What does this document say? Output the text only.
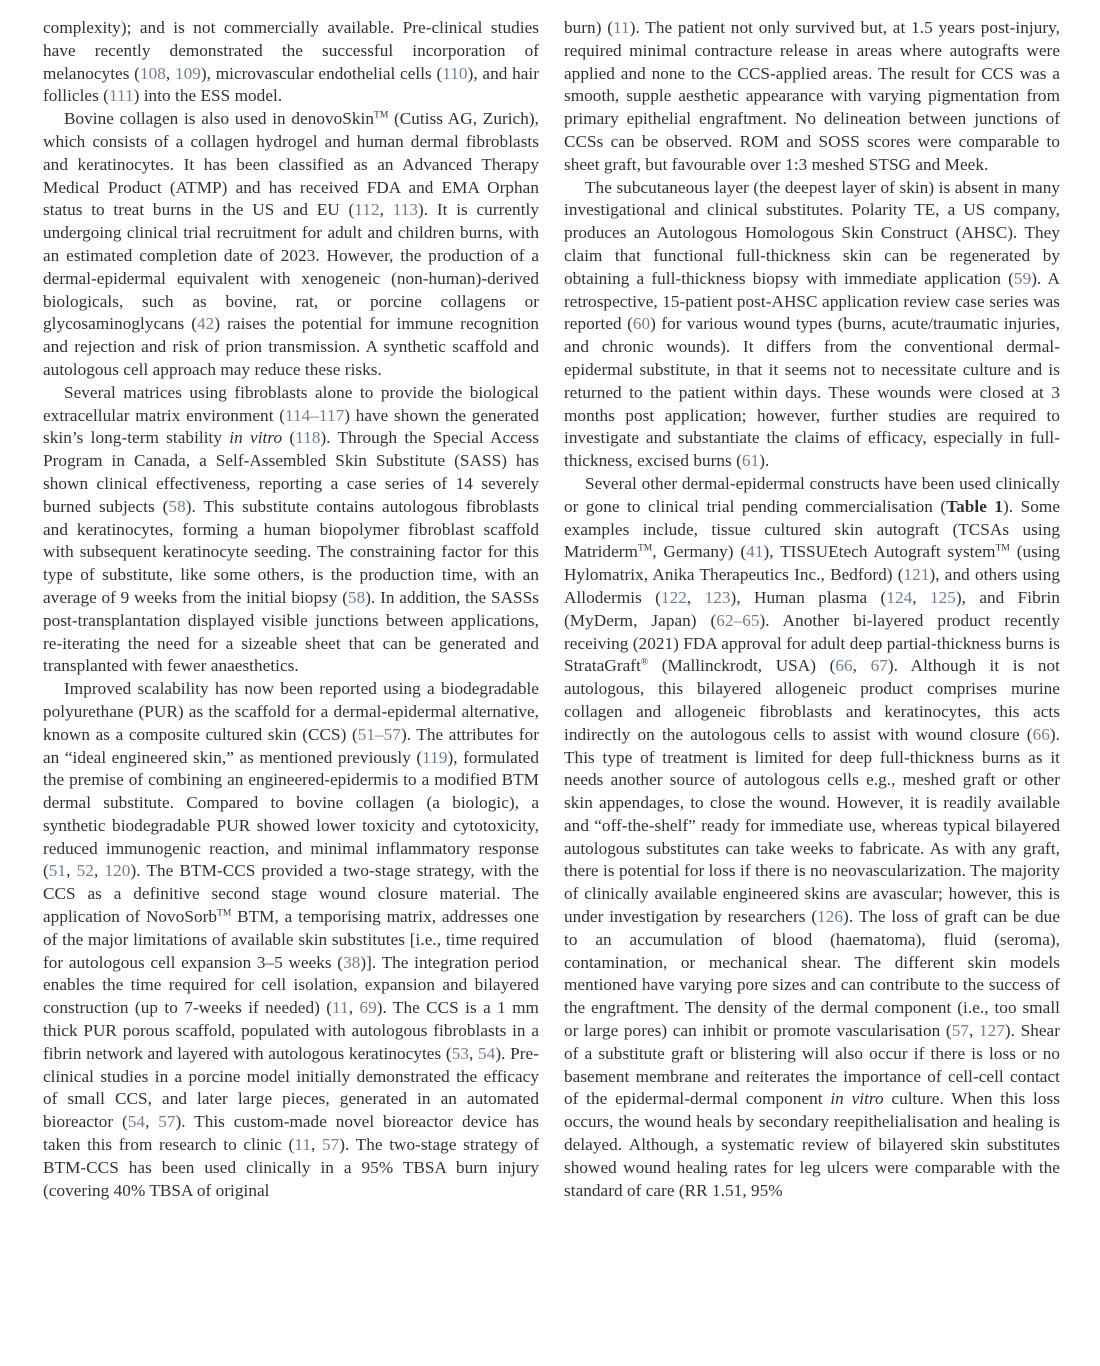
complexity); and is not commercially available. Pre-clinical studies have recently demonstrated the successful incorporation of melanocytes (108, 109), microvascular endothelial cells (110), and hair follicles (111) into the ESS model.

Bovine collagen is also used in denovoSkin™ (Cutiss AG, Zurich), which consists of a collagen hydrogel and human dermal fibroblasts and keratinocytes. It has been classified as an Advanced Therapy Medical Product (ATMP) and has received FDA and EMA Orphan status to treat burns in the US and EU (112, 113). It is currently undergoing clinical trial recruitment for adult and children burns, with an estimated completion date of 2023. However, the production of a dermal-epidermal equivalent with xenogeneic (non-human)-derived biologicals, such as bovine, rat, or porcine collagens or glycosaminoglycans (42) raises the potential for immune recognition and rejection and risk of prion transmission. A synthetic scaffold and autologous cell approach may reduce these risks.

Several matrices using fibroblasts alone to provide the biological extracellular matrix environment (114–117) have shown the generated skin’s long-term stability in vitro (118). Through the Special Access Program in Canada, a Self-Assembled Skin Substitute (SASS) has shown clinical effectiveness, reporting a case series of 14 severely burned subjects (58). This substitute contains autologous fibroblasts and keratinocytes, forming a human biopolymer fibroblast scaffold with subsequent keratinocyte seeding. The constraining factor for this type of substitute, like some others, is the production time, with an average of 9 weeks from the initial biopsy (58). In addition, the SASSs post-transplantation displayed visible junctions between applications, re-iterating the need for a sizeable sheet that can be generated and transplanted with fewer anaesthetics.

Improved scalability has now been reported using a biodegradable polyurethane (PUR) as the scaffold for a dermal-epidermal alternative, known as a composite cultured skin (CCS) (51–57). The attributes for an “ideal engineered skin,” as mentioned previously (119), formulated the premise of combining an engineered-epidermis to a modified BTM dermal substitute. Compared to bovine collagen (a biologic), a synthetic biodegradable PUR showed lower toxicity and cytotoxicity, reduced immunogenic reaction, and minimal inflammatory response (51, 52, 120). The BTM-CCS provided a two-stage strategy, with the CCS as a definitive second stage wound closure material. The application of NovoSorb™ BTM, a temporising matrix, addresses one of the major limitations of available skin substitutes [i.e., time required for autologous cell expansion 3–5 weeks (38)]. The integration period enables the time required for cell isolation, expansion and bilayered construction (up to 7-weeks if needed) (11, 69). The CCS is a 1 mm thick PUR porous scaffold, populated with autologous fibroblasts in a fibrin network and layered with autologous keratinocytes (53, 54). Pre-clinical studies in a porcine model initially demonstrated the efficacy of small CCS, and later large pieces, generated in an automated bioreactor (54, 57). This custom-made novel bioreactor device has taken this from research to clinic (11, 57). The two-stage strategy of BTM-CCS has been used clinically in a 95% TBSA burn injury (covering 40% TBSA of original

burn) (11). The patient not only survived but, at 1.5 years post-injury, required minimal contracture release in areas where autografts were applied and none to the CCS-applied areas. The result for CCS was a smooth, supple aesthetic appearance with varying pigmentation from primary epithelial engraftment. No delineation between junctions of CCSs can be observed. ROM and SOSS scores were comparable to sheet graft, but favourable over 1:3 meshed STSG and Meek.

The subcutaneous layer (the deepest layer of skin) is absent in many investigational and clinical substitutes. Polarity TE, a US company, produces an Autologous Homologous Skin Construct (AHSC). They claim that functional full-thickness skin can be regenerated by obtaining a full-thickness biopsy with immediate application (59). A retrospective, 15-patient post-AHSC application review case series was reported (60) for various wound types (burns, acute/traumatic injuries, and chronic wounds). It differs from the conventional dermal-epidermal substitute, in that it seems not to necessitate culture and is returned to the patient within days. These wounds were closed at 3 months post application; however, further studies are required to investigate and substantiate the claims of efficacy, especially in full-thickness, excised burns (61).

Several other dermal-epidermal constructs have been used clinically or gone to clinical trial pending commercialisation (Table 1). Some examples include, tissue cultured skin autograft (TCSAs using Matriderm™, Germany) (41), TISSUEtech Autograft system™ (using Hylomatrix, Anika Therapeutics Inc., Bedford) (121), and others using Allodermis (122, 123), Human plasma (124, 125), and Fibrin (MyDerm, Japan) (62–65). Another bi-layered product recently receiving (2021) FDA approval for adult deep partial-thickness burns is StrataGraft® (Mallinckrodt, USA) (66, 67). Although it is not autologous, this bilayered allogeneic product comprises murine collagen and allogeneic fibroblasts and keratinocytes, this acts indirectly on the autologous cells to assist with wound closure (66). This type of treatment is limited for deep full-thickness burns as it needs another source of autologous cells e.g., meshed graft or other skin appendages, to close the wound. However, it is readily available and “off-the-shelf” ready for immediate use, whereas typical bilayered autologous substitutes can take weeks to fabricate. As with any graft, there is potential for loss if there is no neovascularization. The majority of clinically available engineered skins are avascular; however, this is under investigation by researchers (126). The loss of graft can be due to an accumulation of blood (haematoma), fluid (seroma), contamination, or mechanical shear. The different skin models mentioned have varying pore sizes and can contribute to the success of the engraftment. The density of the dermal component (i.e., too small or large pores) can inhibit or promote vascularisation (57, 127). Shear of a substitute graft or blistering will also occur if there is loss or no basement membrane and reiterates the importance of cell-cell contact of the epidermal-dermal component in vitro culture. When this loss occurs, the wound heals by secondary reepithelialisation and healing is delayed. Although, a systematic review of bilayered skin substitutes showed wound healing rates for leg ulcers were comparable with the standard of care (RR 1.51, 95%
